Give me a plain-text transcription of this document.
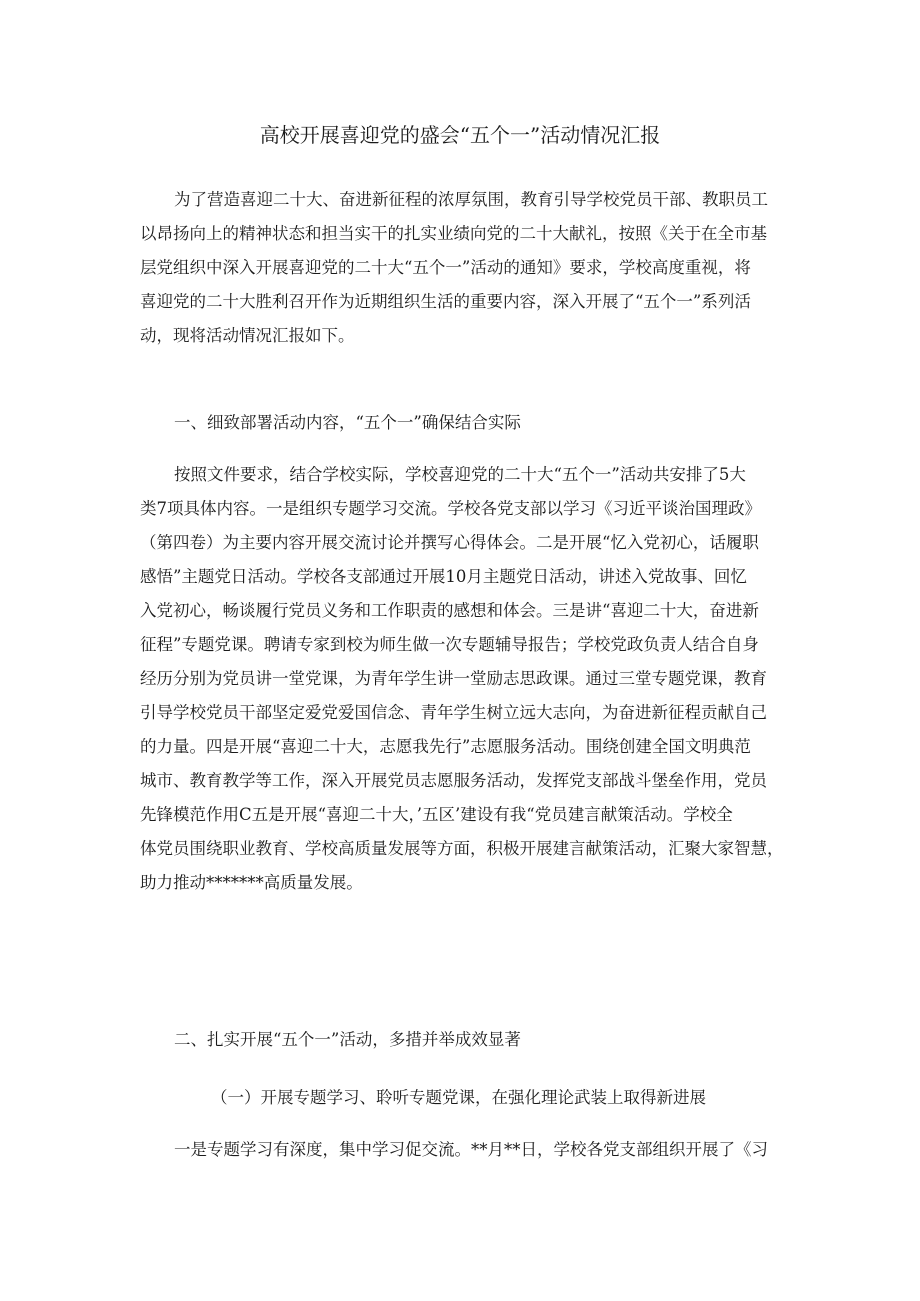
高校开展喜迎党的盛会“五个一”活动情况汇报
为了营造喜迎二十大、奋进新征程的浓厚氛围，教育引导学校党员干部、教职员工
以昂扬向上的精神状态和担当实干的扎实业绩向党的二十大献礼，按照《关于在全市基
层党组织中深入开展喜迎党的二十大“五个一”活动的通知》要求，学校高度重视，将
喜迎党的二十大胜利召开作为近期组织生活的重要内容，深入开展了“五个一”系列活
动，现将活动情况汇报如下。
一、细致部署活动内容，“五个一”确保结合实际
按照文件要求，结合学校实际，学校喜迎党的二十大“五个一”活动共安排了5大
类7项具体内容。一是组织专题学习交流。学校各党支部以学习《习近平谈治国理政》
（第四卷）为主要内容开展交流讨论并撰写心得体会。二是开展“忆入党初心，话履职
感悟”主题党日活动。学校各支部通过开展10月主题党日活动，讲述入党故事、回忆
入党初心，畅谈履行党员义务和工作职责的感想和体会。三是讲“喜迎二十大，奋进新
征程”专题党课。聘请专家到校为师生做一次专题辅导报告；学校党政负责人结合自身
经历分别为党员讲一堂党课，为青年学生讲一堂励志思政课。通过三堂专题党课，教育
引导学校党员干部坚定爱党爱国信念、青年学生树立远大志向，为奋进新征程贡献自己
的力量。四是开展“喜迎二十大，志愿我先行”志愿服务活动。围绕创建全国文明典范
城市、教育教学等工作，深入开展党员志愿服务活动，发挥党支部战斗堡垒作用，党员
先锋模范作用C五是开展“喜迎二十大，’五区’建设有我“党员建言献策活动。学校全
体党员围绕职业教育、学校高质量发展等方面，积极开展建言献策活动，汇聚大家智慧，
助力推动*******高质量发展。
二、扎实开展“五个一”活动，多措并举成效显著
（一）开展专题学习、聆听专题党课，在强化理论武装上取得新进展
一是专题学习有深度，集中学习促交流。**月**日，学校各党支部组织开展了《习
